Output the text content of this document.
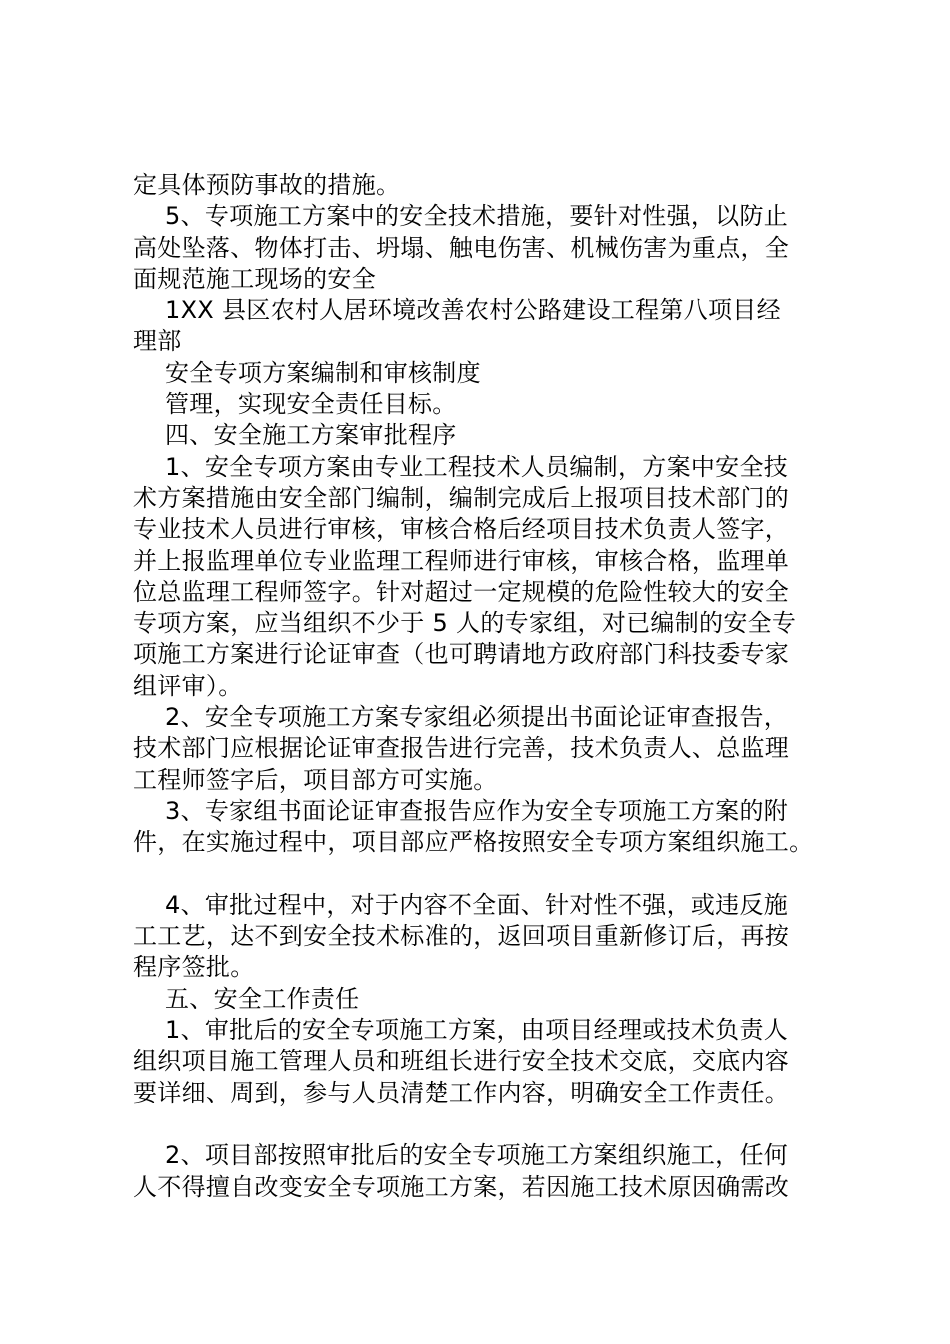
定具体预防事故的措施。
5、专项施工方案中的安全技术措施，要针对性强，以防止
高处坠落、物体打击、坍塌、触电伤害、机械伤害为重点，全
面规范施工现场的安全
1XX 县区农村人居环境改善农村公路建设工程第八项目经
理部
安全专项方案编制和审核制度
管理，实现安全责任目标。
四、安全施工方案审批程序
1、安全专项方案由专业工程技术人员编制，方案中安全技
术方案措施由安全部门编制，编制完成后上报项目技术部门的
专业技术人员进行审核，审核合格后经项目技术负责人签字，
并上报监理单位专业监理工程师进行审核，审核合格，监理单
位总监理工程师签字。针对超过一定规模的危险性较大的安全
专项方案，应当组织不少于 5 人的专家组，对已编制的安全专
项施工方案进行论证审查（也可聘请地方政府部门科技委专家
组评审）。
2、安全专项施工方案专家组必须提出书面论证审查报告，
技术部门应根据论证审查报告进行完善，技术负责人、总监理
工程师签字后，项目部方可实施。
3、专家组书面论证审查报告应作为安全专项施工方案的附
件，在实施过程中，项目部应严格按照安全专项方案组织施工。
4、审批过程中，对于内容不全面、针对性不强，或违反施
工工艺，达不到安全技术标准的，返回项目重新修订后，再按
程序签批。
五、安全工作责任
1、审批后的安全专项施工方案，由项目经理或技术负责人
组织项目施工管理人员和班组长进行安全技术交底，交底内容
要详细、周到，参与人员清楚工作内容，明确安全工作责任。
2、项目部按照审批后的安全专项施工方案组织施工，任何
人不得擅自改变安全专项施工方案，若因施工技术原因确需改
